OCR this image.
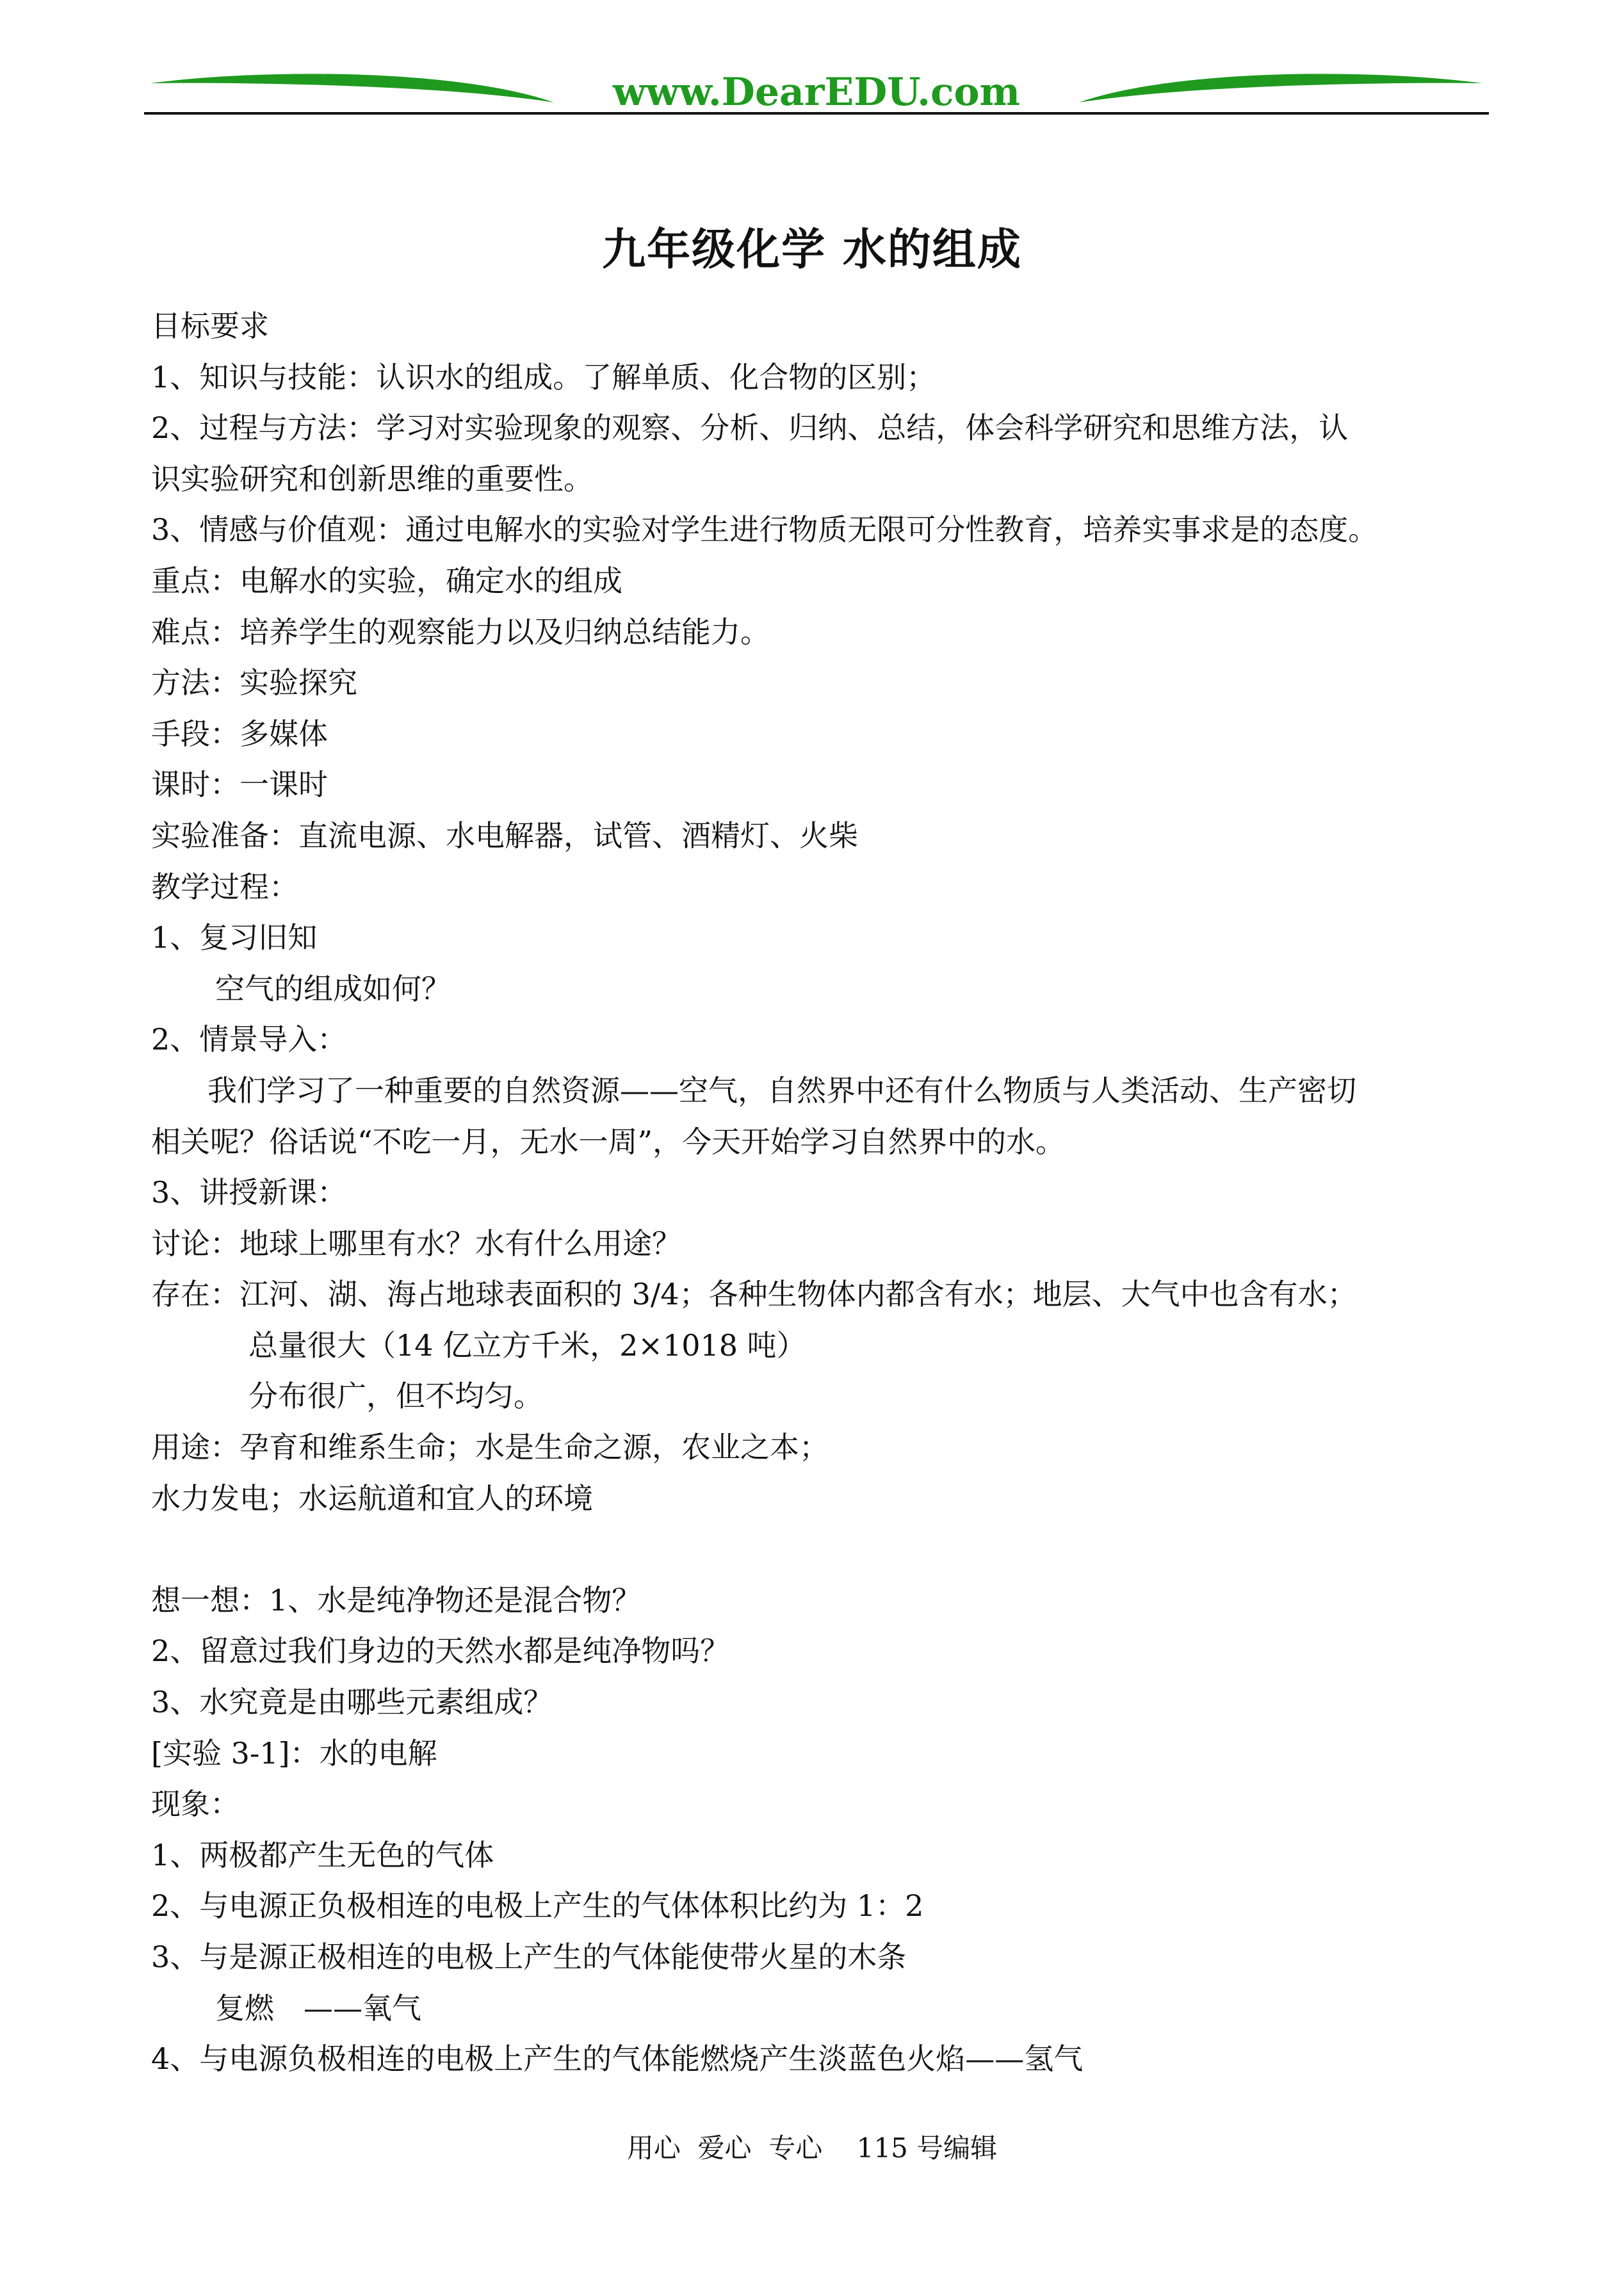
www.DearEDU.com
九年级化学 水的组成
目标要求
1、知识与技能：认识水的组成。了解单质、化合物的区别；
2、过程与方法：学习对实验现象的观察、分析、归纳、总结，体会科学研究和思维方法，认
识实验研究和创新思维的重要性。
3、情感与价值观：通过电解水的实验对学生进行物质无限可分性教育，培养实事求是的态度。
重点：电解水的实验，确定水的组成
难点：培养学生的观察能力以及归纳总结能力。
方法：实验探究
手段：多媒体
课时：一课时
实验准备：直流电源、水电解器，试管、酒精灯、火柴
教学过程：
1、复习旧知
空气的组成如何？
2、情景导入：
我们学习了一种重要的自然资源——空气，自然界中还有什么物质与人类活动、生产密切
相关呢？俗话说“不吃一月，无水一周”，今天开始学习自然界中的水。
3、讲授新课：
讨论：地球上哪里有水？水有什么用途？
存在：江河、湖、海占地球表面积的 3/4；各种生物体内都含有水；地层、大气中也含有水；
总量很大（14 亿立方千米，2×1018 吨）
分布很广，但不均匀。
用途：孕育和维系生命；水是生命之源，农业之本；
水力发电；水运航道和宜人的环境
想一想：1、水是纯净物还是混合物？
2、留意过我们身边的天然水都是纯净物吗？
3、水究竟是由哪些元素组成？
[实验 3-1]：水的电解
现象：
1、两极都产生无色的气体
2、与电源正负极相连的电极上产生的气体体积比约为 1：2
3、与是源正极相连的电极上产生的气体能使带火星的木条
复燃　——氧气
4、与电源负极相连的电极上产生的气体能燃烧产生淡蓝色火焰——氢气
用心  爱心  专心    115 号编辑
